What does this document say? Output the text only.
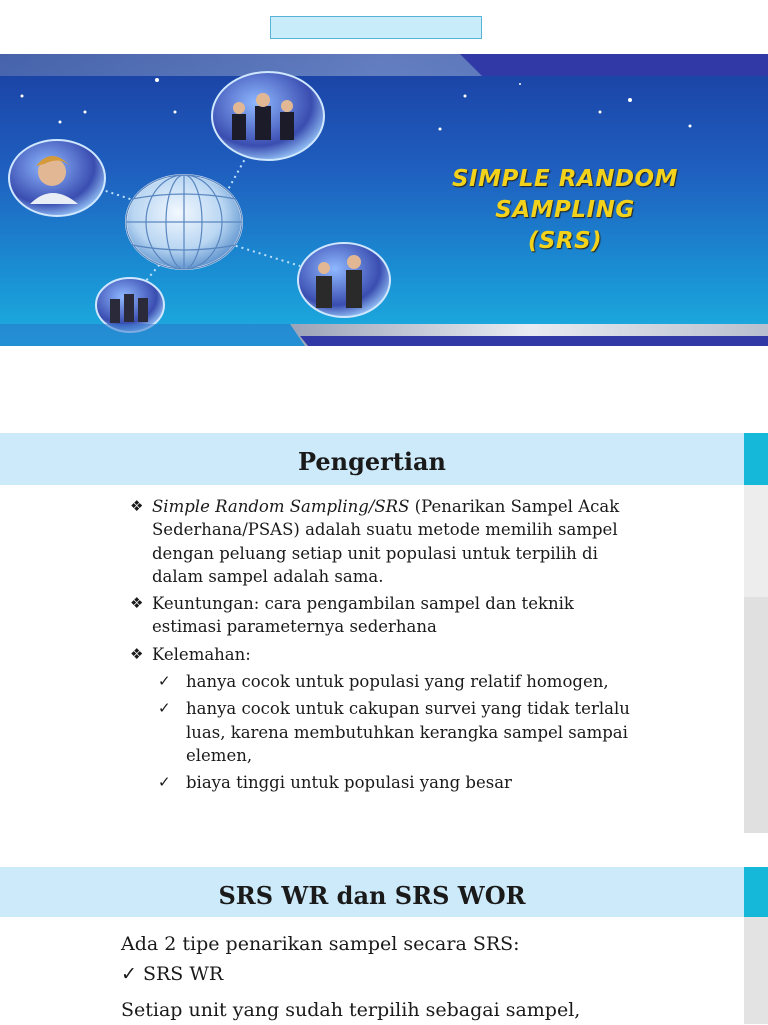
SIMPLE RANDOM
SAMPLING
(SRS)
Pengertian
❖ Simple Random Sampling/SRS (Penarikan Sampel Acak Sederhana/PSAS) adalah suatu metode memilih sampel dengan peluang setiap unit populasi untuk terpilih di dalam sampel adalah sama.
❖ Keuntungan: cara pengambilan sampel dan teknik estimasi parameternya sederhana
❖ Kelemahan:
✓ hanya cocok untuk populasi yang relatif homogen,
✓ hanya cocok untuk cakupan survei yang tidak terlalu luas, karena membutuhkan kerangka sampel sampai elemen,
✓ biaya tinggi untuk populasi yang besar
SRS WR dan SRS WOR

Ada 2 tipe penarikan sampel secara SRS:

✓ SRS WR

Setiap unit yang sudah terpilih sebagai sampel,
